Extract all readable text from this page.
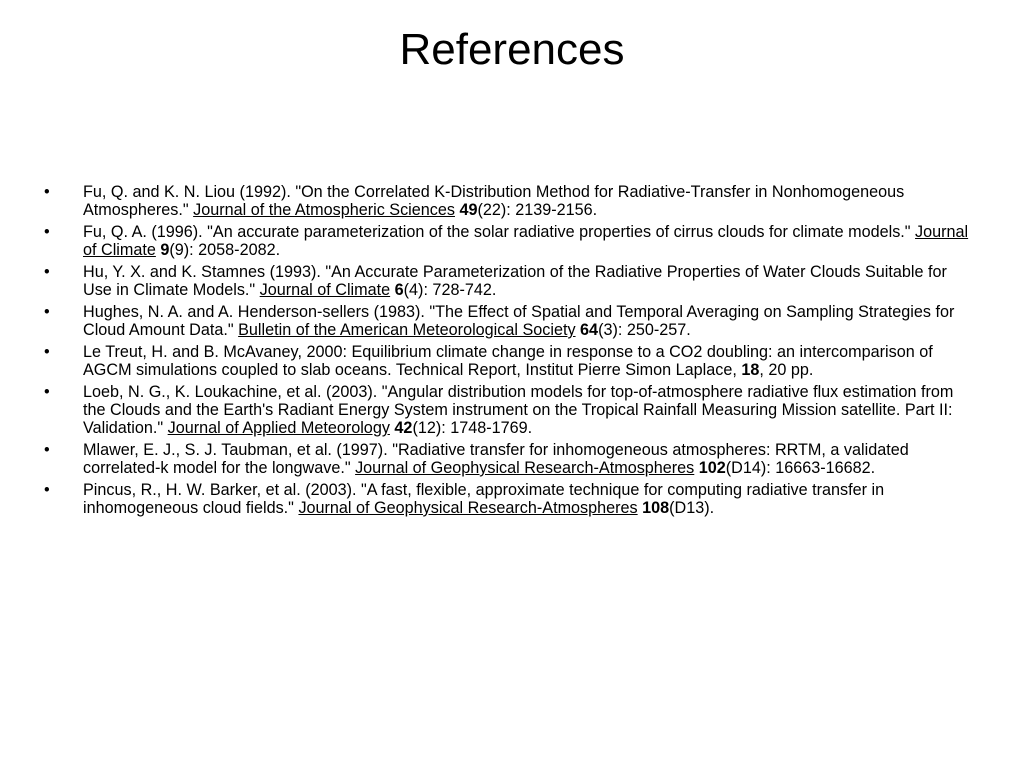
References
•	Fu, Q. and K. N. Liou (1992). "On the Correlated K-Distribution Method for Radiative-Transfer in Nonhomogeneous Atmospheres." Journal of the Atmospheric Sciences 49(22): 2139-2156.
•	Fu, Q. A. (1996). "An accurate parameterization of the solar radiative properties of cirrus clouds for climate models." Journal of Climate 9(9): 2058-2082.
•	Hu, Y. X. and K. Stamnes (1993). "An Accurate Parameterization of the Radiative Properties of Water Clouds Suitable for Use in Climate Models." Journal of Climate 6(4): 728-742.
•	Hughes, N. A. and A. Henderson-sellers (1983). "The Effect of Spatial and Temporal Averaging on Sampling Strategies for Cloud Amount Data." Bulletin of the American Meteorological Society 64(3): 250-257.
•	Le Treut, H. and B. McAvaney, 2000: Equilibrium climate change in response to a CO2 doubling: an intercomparison of AGCM simulations coupled to slab oceans. Technical Report, Institut Pierre Simon Laplace, 18, 20 pp.
•	Loeb, N. G., K. Loukachine, et al. (2003). "Angular distribution models for top-of-atmosphere radiative flux estimation from the Clouds and the Earth's Radiant Energy System instrument on the Tropical Rainfall Measuring Mission satellite. Part II: Validation." Journal of Applied Meteorology 42(12): 1748-1769.
•	Mlawer, E. J., S. J. Taubman, et al. (1997). "Radiative transfer for inhomogeneous atmospheres: RRTM, a validated correlated-k model for the longwave." Journal of Geophysical Research-Atmospheres 102(D14): 16663-16682.
•	Pincus, R., H. W. Barker, et al. (2003). "A fast, flexible, approximate technique for computing radiative transfer in inhomogeneous cloud fields." Journal of Geophysical Research-Atmospheres 108(D13).
